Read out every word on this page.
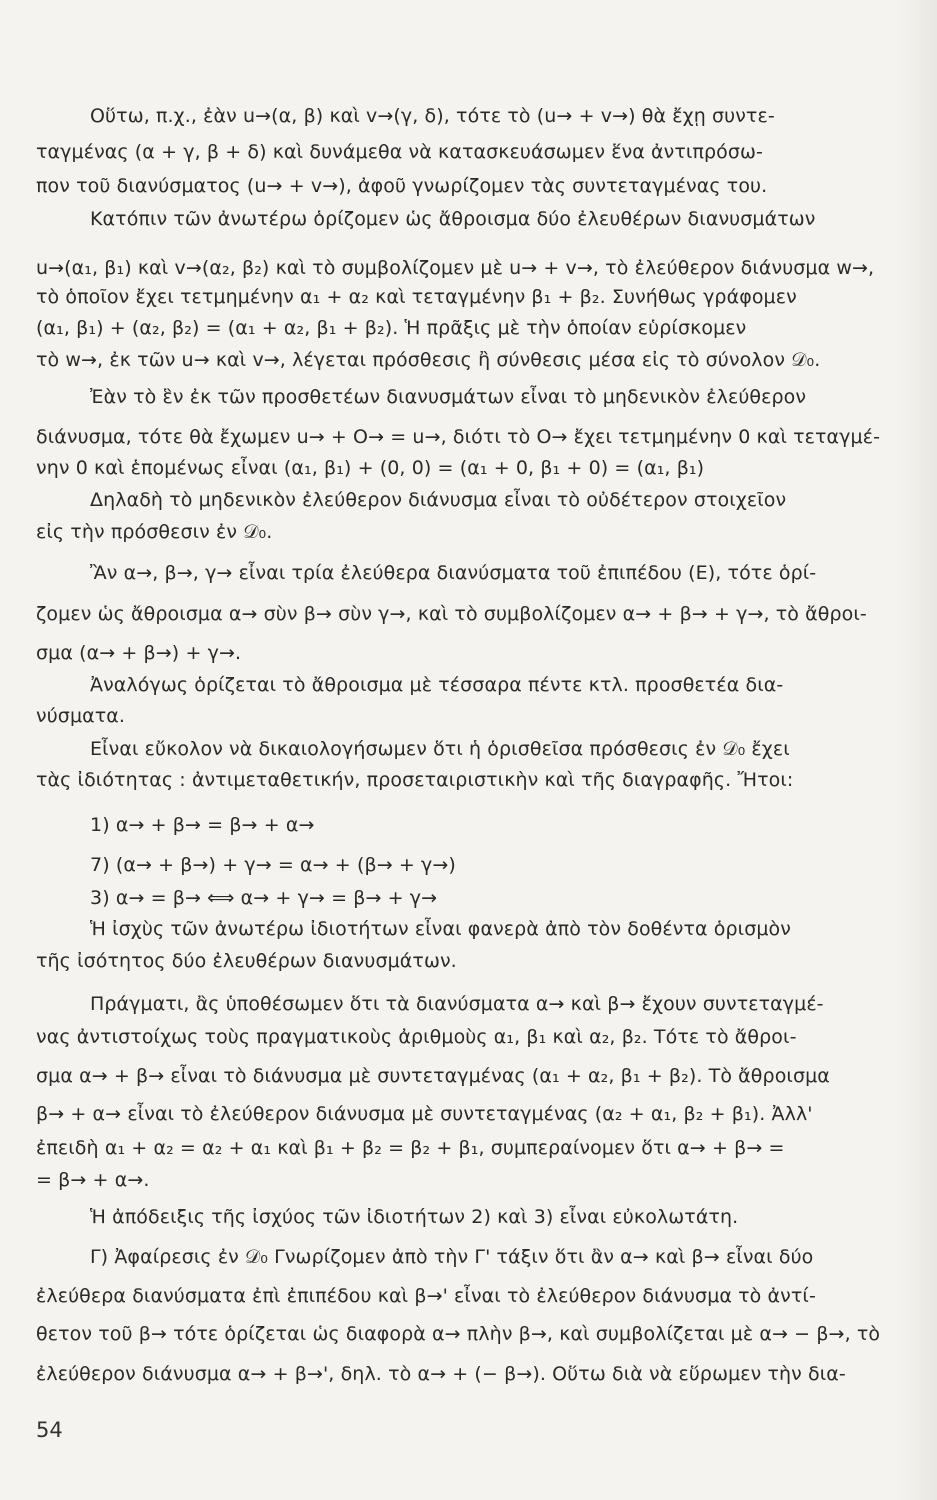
Οὕτω, π.χ., ἐὰν u→(α, β) καὶ v→(γ, δ), τότε τὸ (u→ + v→) θὰ ἔχῃ συντε-
ταγμένας (α + γ, β + δ) καὶ δυνάμεθα νὰ κατασκευάσωμεν ἕνα ἀντιπρόσω-
πον τοῦ διανύσματος (u→ + v→), ἀφοῦ γνωρίζομεν τὰς συντεταγμένας του.
Κατόπιν τῶν ἀνωτέρω ὁρίζομεν ὡς ἄθροισμα δύο ἐλευθέρων διανυσμάτων
u→(α₁, β₁) καὶ v→(α₂, β₂) καὶ τὸ συμβολίζομεν μὲ u→ + v→, τὸ ἐλεύθερον διάνυσμα w→,
τὸ ὁποῖον ἔχει τετμημένην α₁ + α₂ καὶ τεταγμένην β₁ + β₂. Συνήθως γράφομεν
(α₁, β₁) + (α₂, β₂) = (α₁ + α₂, β₁ + β₂). Ἡ πρᾶξις μὲ τὴν ὁποίαν εὑρίσκομεν
τὸ w→, ἐκ τῶν u→ καὶ v→, λέγεται πρόσθεσις ἢ σύνθεσις μέσα εἰς τὸ σύνολον 𝒟₀.
Ἐὰν τὸ ἓν ἐκ τῶν προσθετέων διανυσμάτων εἶναι τὸ μηδενικὸν ἐλεύθερον
διάνυσμα, τότε θὰ ἔχωμεν u→ + O→ = u→, διότι τὸ O→ ἔχει τετμημένην 0 καὶ τεταγμέ-
νην 0 καὶ ἑπομένως εἶναι (α₁, β₁) + (0, 0) = (α₁ + 0, β₁ + 0) = (α₁, β₁)
Δηλαδὴ τὸ μηδενικὸν ἐλεύθερον διάνυσμα εἶναι τὸ οὐδέτερον στοιχεῖον
εἰς τὴν πρόσθεσιν ἐν 𝒟₀.
Ἂν α→, β→, γ→ εἶναι τρία ἐλεύθερα διανύσματα τοῦ ἐπιπέδου (Ε), τότε ὁρί-
ζομεν ὡς ἄθροισμα α→ σὺν β→ σὺν γ→, καὶ τὸ συμβολίζομεν α→ + β→ + γ→, τὸ ἄθροι-
σμα (α→ + β→) + γ→.
Ἀναλόγως ὁρίζεται τὸ ἄθροισμα μὲ τέσσαρα πέντε κτλ. προσθετέα δια-
νύσματα.
Εἶναι εὔκολον νὰ δικαιολογήσωμεν ὅτι ἡ ὁρισθεῖσα πρόσθεσις ἐν 𝒟₀ ἔχει
τὰς ἰδιότητας : ἀντιμεταθετικήν, προσεταιριστικὴν καὶ τῆς διαγραφῆς. Ἤτοι:
1) α→ + β→ = β→ + α→
7) (α→ + β→) + γ→ = α→ + (β→ + γ→)
3) α→ = β→ ⟺ α→ + γ→ = β→ + γ→
Ἡ ἰσχὺς τῶν ἀνωτέρω ἰδιοτήτων εἶναι φανερὰ ἀπὸ τὸν δοθέντα ὁρισμὸν
τῆς ἰσότητος δύο ἐλευθέρων διανυσμάτων.
Πράγματι, ἂς ὑποθέσωμεν ὅτι τὰ διανύσματα α→ καὶ β→ ἔχουν συντεταγμέ-
νας ἀντιστοίχως τοὺς πραγματικοὺς ἀριθμοὺς α₁, β₁ καὶ α₂, β₂. Τότε τὸ ἄθροι-
σμα α→ + β→ εἶναι τὸ διάνυσμα μὲ συντεταγμένας (α₁ + α₂, β₁ + β₂). Τὸ ἄθροισμα
β→ + α→ εἶναι τὸ ἐλεύθερον διάνυσμα μὲ συντεταγμένας (α₂ + α₁, β₂ + β₁). Ἀλλ'
ἐπειδὴ α₁ + α₂ = α₂ + α₁ καὶ β₁ + β₂ = β₂ + β₁, συμπεραίνομεν ὅτι α→ + β→ =
= β→ + α→.
Ἡ ἀπόδειξις τῆς ἰσχύος τῶν ἰδιοτήτων 2) καὶ 3) εἶναι εὐκολωτάτη.
Γ) Ἀφαίρεσις ἐν 𝒟₀ Γνωρίζομεν ἀπὸ τὴν Γ' τάξιν ὅτι ἂν α→ καὶ β→ εἶναι δύο
ἐλεύθερα διανύσματα ἐπὶ ἐπιπέδου καὶ β→' εἶναι τὸ ἐλεύθερον διάνυσμα τὸ ἀντί-
θετον τοῦ β→ τότε ὁρίζεται ὡς διαφορὰ α→ πλὴν β→, καὶ συμβολίζεται μὲ α→ − β→, τὸ
ἐλεύθερον διάνυσμα α→ + β→', δηλ. τὸ α→ + (− β→). Οὕτω διὰ νὰ εὕρωμεν τὴν δια-
54
